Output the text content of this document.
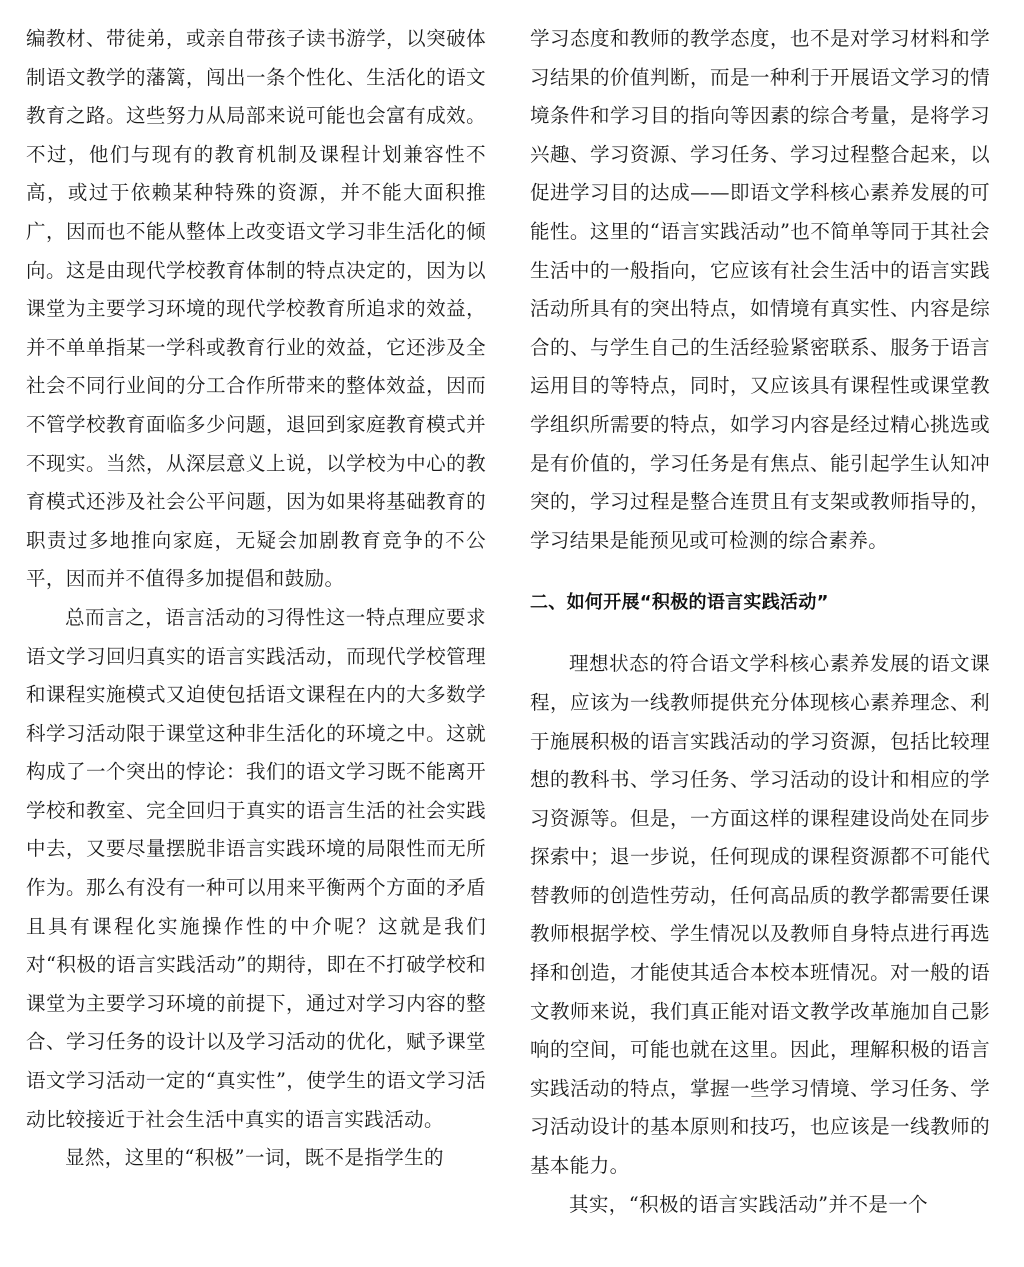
编教材、带徒弟，或亲自带孩子读书游学，以突破体制语文教学的藩篱，闯出一条个性化、生活化的语文教育之路。这些努力从局部来说可能也会富有成效。不过，他们与现有的教育机制及课程计划兼容性不高，或过于依赖某种特殊的资源，并不能大面积推广，因而也不能从整体上改变语文学习非生活化的倾向。这是由现代学校教育体制的特点决定的，因为以课堂为主要学习环境的现代学校教育所追求的效益，并不单单指某一学科或教育行业的效益，它还涉及全社会不同行业间的分工合作所带来的整体效益，因而不管学校教育面临多少问题，退回到家庭教育模式并不现实。当然，从深层意义上说，以学校为中心的教育模式还涉及社会公平问题，因为如果将基础教育的职责过多地推向家庭，无疑会加剧教育竞争的不公平，因而并不值得多加提倡和鼓励。

总而言之，语言活动的习得性这一特点理应要求语文学习回归真实的语言实践活动，而现代学校管理和课程实施模式又迫使包括语文课程在内的大多数学科学习活动限于课堂这种非生活化的环境之中。这就构成了一个突出的悖论：我们的语文学习既不能离开学校和教室、完全回归于真实的语言生活的社会实践中去，又要尽量摆脱非语言实践环境的局限性而无所作为。那么有没有一种可以用来平衡两个方面的矛盾且具有课程化实施操作性的中介呢？这就是我们对“积极的语言实践活动”的期待，即在不打破学校和课堂为主要学习环境的前提下，通过对学习内容的整合、学习任务的设计以及学习活动的优化，赋予课堂语文学习活动一定的“真实性”，使学生的语文学习活动比较接近于社会生活中真实的语言实践活动。

显然，这里的“积极”一词，既不是指学生的

学习态度和教师的教学态度，也不是对学习材料和学习结果的价值判断，而是一种利于开展语文学习的情境条件和学习目的指向等因素的综合考量，是将学习兴趣、学习资源、学习任务、学习过程整合起来，以促进学习目的达成——即语文学科核心素养发展的可能性。这里的“语言实践活动”也不简单等同于其社会生活中的一般指向，它应该有社会生活中的语言实践活动所具有的突出特点，如情境有真实性、内容是综合的、与学生自己的生活经验紧密联系、服务于语言运用目的等特点，同时，又应该具有课程性或课堂教学组织所需要的特点，如学习内容是经过精心挑选或是有价值的，学习任务是有焦点、能引起学生认知冲突的，学习过程是整合连贯且有支架或教师指导的，学习结果是能预见或可检测的综合素养。

二、如何开展“积极的语言实践活动”

理想状态的符合语文学科核心素养发展的语文课程，应该为一线教师提供充分体现核心素养理念、利于施展积极的语言实践活动的学习资源，包括比较理想的教科书、学习任务、学习活动的设计和相应的学习资源等。但是，一方面这样的课程建设尚处在同步探索中；退一步说，任何现成的课程资源都不可能代替教师的创造性劳动，任何高品质的教学都需要任课教师根据学校、学生情况以及教师自身特点进行再选择和创造，才能使其适合本校本班情况。对一般的语文教师来说，我们真正能对语文教学改革施加自己影响的空间，可能也就在这里。因此，理解积极的语言实践活动的特点，掌握一些学习情境、学习任务、学习活动设计的基本原则和技巧，也应该是一线教师的基本能力。

其实，“积极的语言实践活动”并不是一个
